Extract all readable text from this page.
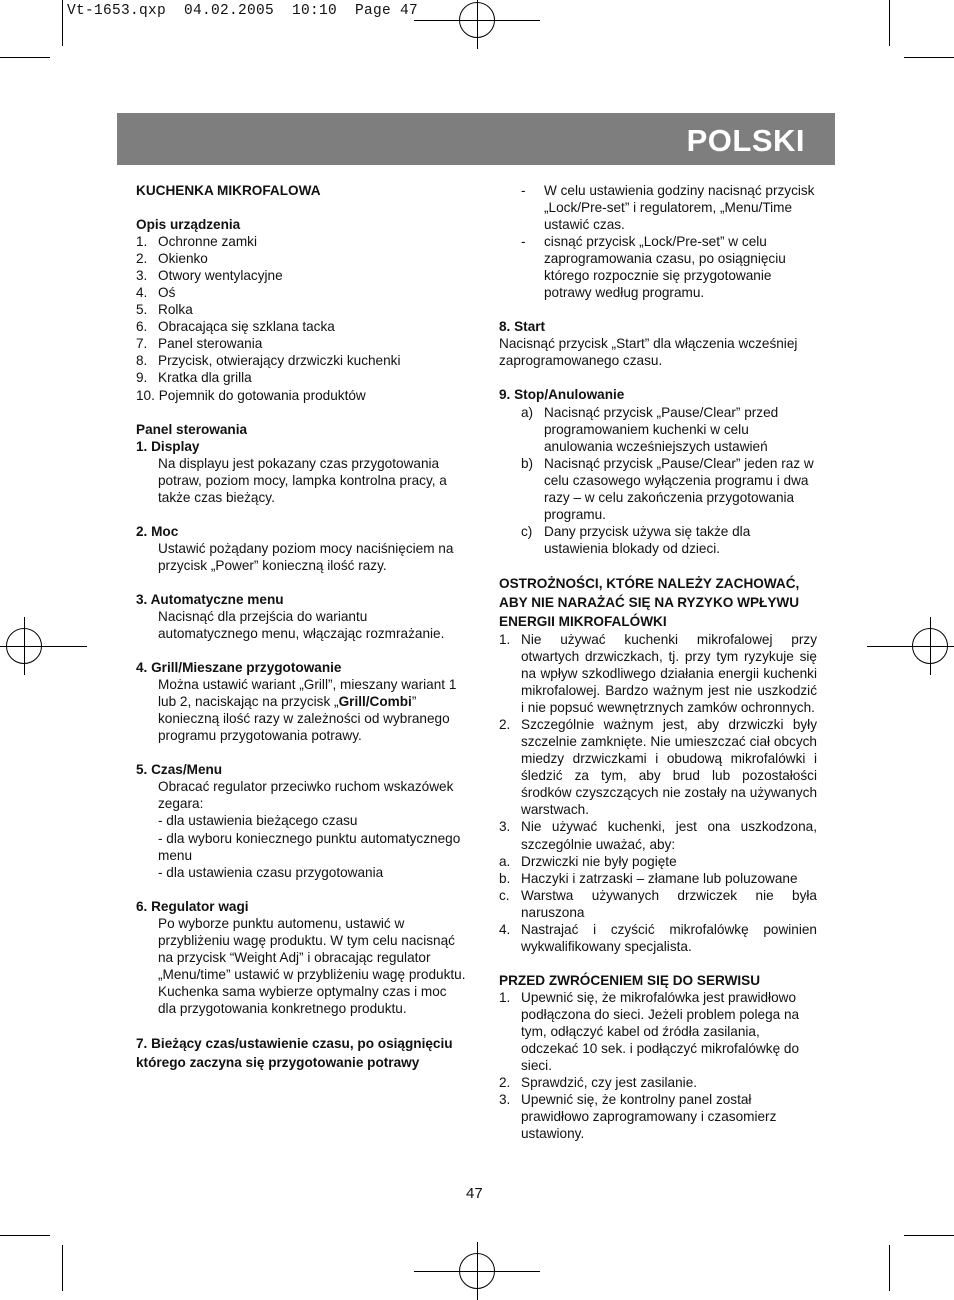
Vt-1653.qxp  04.02.2005  10:10  Page 47
POLSKI
KUCHENKA MIKROFALOWA
Opis urządzenia
1. Ochronne zamki
2. Okienko
3. Otwory wentylacyjne
4. Oś
5. Rolka
6. Obracająca się szklana tacka
7. Panel sterowania
8. Przycisk, otwierający drzwiczki kuchenki
9. Kratka dla grilla
10.
Pojemnik do gotowania produktów
Panel sterowania
1. Display
Na displayu jest pokazany czas przygotowania potraw, poziom mocy, lampka kontrolna pracy, a także czas bieżący.
2. Moc
Ustawić pożądany poziom mocy naciśnięciem na przycisk „Power” konieczną ilość razy.
3. Automatyczne menu
Nacisnąć dla przejścia do wariantu automatycznego menu, włączając rozmrażanie.
4. Grill/Mieszane przygotowanie
Można ustawić wariant „Grill”, mieszany wariant 1 lub 2, naciskając na przycisk „Grill/Combi” konieczną ilość razy w zależności od wybranego programu przygotowania potrawy.
5. Czas/Menu
Obracać regulator przeciwko ruchom wskazówek zegara:
- dla ustawienia bieżącego czasu
- dla wyboru koniecznego punktu automatycznego menu
- dla ustawienia czasu przygotowania
6. Regulator wagi
Po wyborze punktu automenu, ustawić w przybliżeniu wagę produktu. W tym celu nacisnąć na przycisk “Weight Adj” i obracając regulator „Menu/time” ustawić w przybliżeniu wagę produktu. Kuchenka sama wybierze optymalny czas i moc dla przygotowania konkretnego produktu.
7. Bieżący czas/ustawienie czasu, po osiągnięciu którego zaczyna się przygotowanie potrawy
-	W celu ustawienia godziny nacisnąć przycisk „Lock/Pre-set” i regulatorem, „Menu/Time ustawić czas.
-	cisnąć przycisk „Lock/Pre-set” w celu zaprogramowania czasu, po osiągnięciu którego rozpocznie się przygotowanie potrawy według programu.
8. Start
Nacisnąć przycisk „Start” dla włączenia wcześniej zaprogramowanego czasu.
9. Stop/Anulowanie
a) Nacisnąć przycisk „Pause/Clear” przed programowaniem kuchenki w celu anulowania wcześniejszych ustawień
b) Nacisnąć przycisk „Pause/Clear” jeden raz w celu czasowego wyłączenia programu i dwa razy – w celu zakończenia przygotowania programu.
c) Dany przycisk używa się także dla ustawienia blokady od dzieci.
OSTROŻNOŚCI, KTÓRE NALEŻY ZACHOWAĆ, ABY NIE NARAŻAĆ SIĘ NA RYZYKO WPŁYWU ENERGII MIKROFALÓWKI
1. Nie używać kuchenki mikrofalowej przy otwartych drzwiczkach, tj. przy tym ryzykuje się na wpływ szkodliwego działania energii kuchenki mikrofalowej. Bardzo ważnym jest nie uszkodzić i nie popsuć wewnętrznych zamków ochronnych.
2. Szczególnie ważnym jest, aby drzwiczki były szczelnie zamknięte. Nie umieszczać ciał obcych miedzy drzwiczkami i obudową mikrofalówki i śledzić za tym, aby brud lub pozostałości środków czyszczących nie zostały na używanych warstwach.
3. Nie używać kuchenki, jest ona uszkodzona, szczególnie uważać, aby:
a. Drzwiczki nie były pogięte
b. Haczyki i zatrzaski – złamane lub poluzowane
c. Warstwa używanych drzwiczek nie była naruszona
4. Nastrajać i czyścić mikrofalówkę powinien wykwalifikowany specjalista.
PRZED ZWRÓCENIEM SIĘ DO SERWISU
1. Upewnić się, że mikrofalówka jest prawidłowo podłączona do sieci. Jeżeli problem polega na tym, odłączyć kabel od źródła zasilania, odczekać 10 sek. i podłączyć mikrofalówkę do sieci.
2. Sprawdzić, czy jest zasilanie.
3. Upewnić się, że kontrolny panel został prawidłowo zaprogramowany i czasomierz ustawiony.
47
